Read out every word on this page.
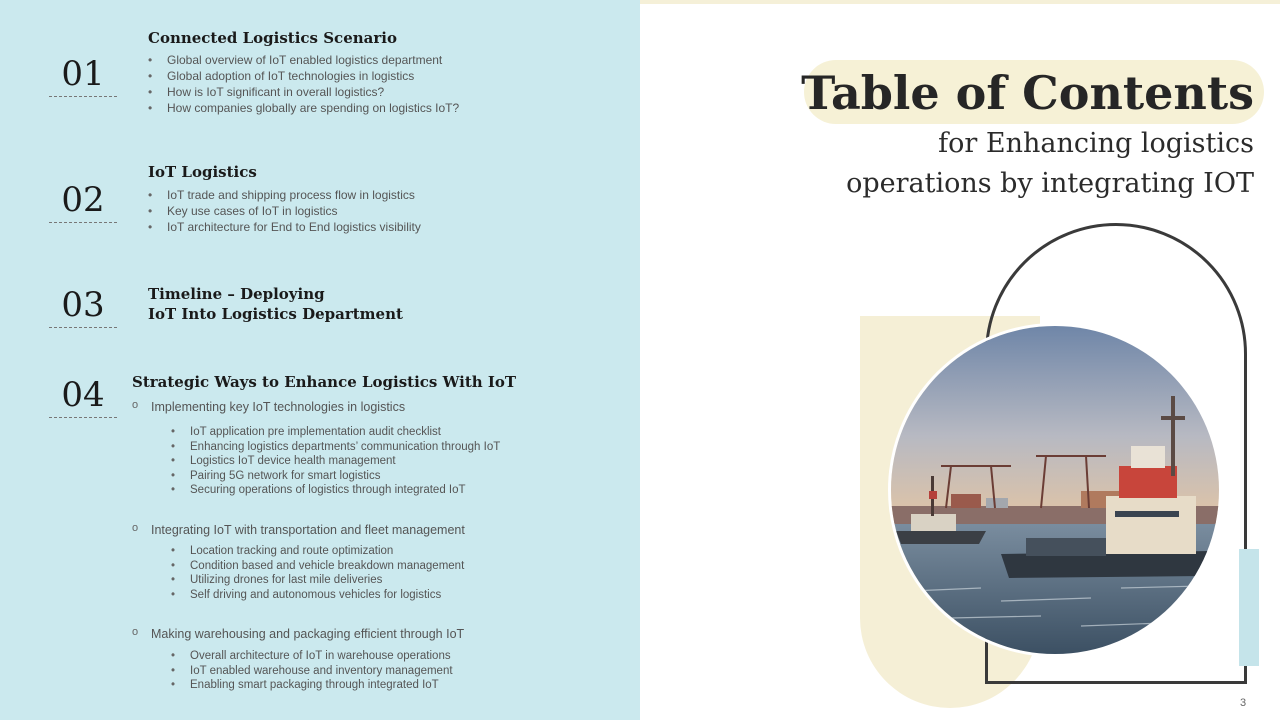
01
Connected Logistics Scenario
• Global overview of IoT enabled logistics department
• Global adoption of IoT technologies in logistics
• How is IoT significant in overall logistics?
• How companies globally are spending on logistics IoT?
02
IoT Logistics
• IoT trade and shipping process flow in logistics
• Key use cases of IoT in logistics
• IoT architecture for End to End logistics visibility
03	Timeline – Deploying
IoT Into Logistics Department
04	Strategic Ways to Enhance Logistics With IoT
o Implementing key IoT technologies in logistics
• IoT application pre implementation audit checklist
• Enhancing logistics departments’ communication through IoT
• Logistics IoT device health management
• Pairing 5G network for smart logistics
• Securing operations of logistics through integrated IoT
o Integrating IoT with transportation and fleet management
• Location tracking and route optimization
• Condition based and vehicle breakdown management
• Utilizing drones for last mile deliveries
• Self driving and autonomous vehicles for logistics
o Making warehousing and packaging efficient through IoT
• Overall architecture of IoT in warehouse operations
• IoT enabled warehouse and inventory management
• Enabling smart packaging through integrated IoT
Table of Contents

for Enhancing logistics
operations by integrating IOT

3
